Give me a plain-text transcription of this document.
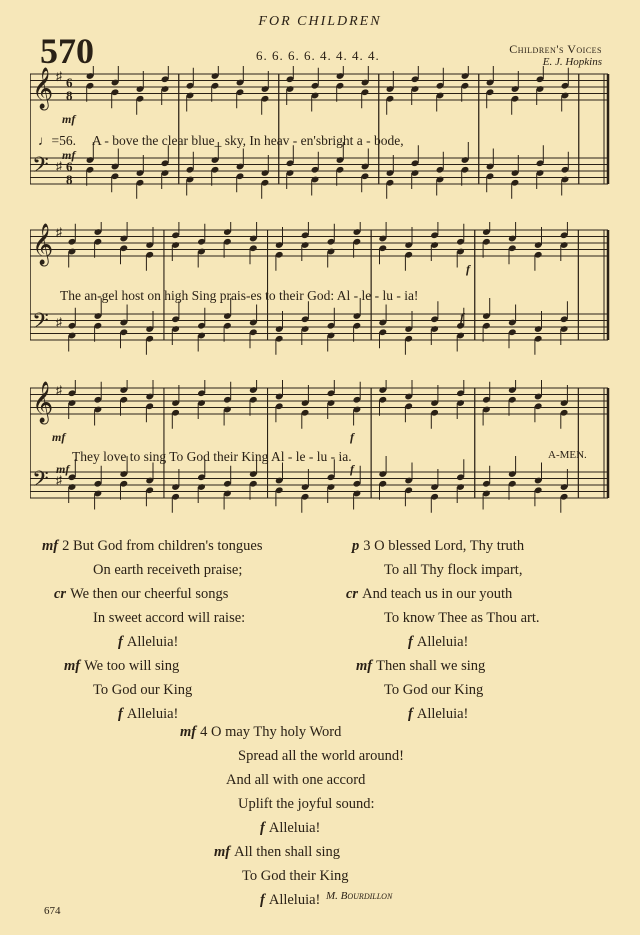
FOR CHILDREN
570	6. 6. 6. 6. 4. 4. 4. 4.	Children's Voices
E. J. Hopkins
𝄞 ♯ 6
8
𝄢 ♯ 6
8
♩=56. A - bove the clear blue_ sky, In heav - en'sbright a - bode,
mf
mf
𝄞 ♯
𝄢 ♯
The an-gel host on high Sing prais-es to their God: Al - le - lu - ia!
f
f
𝄞 ♯
𝄢 ♯
They love to sing To God their King Al - le - lu - ia.	A-MEN.
mf	f
mf	f
mf 2 But God from children's tongues
On earth receiveth praise;
cr We then our cheerful songs
In sweet accord will raise:
f Alleluia!
mf We too will sing
To God our King
f Alleluia!
p 3 O blessed Lord, Thy truth
To all Thy flock impart,
cr And teach us in our youth
To know Thee as Thou art.
f Alleluia!
mf Then shall we sing
To God our King
f Alleluia!
mf 4 O may Thy holy Word
Spread all the world around!
And all with one accord
Uplift the joyful sound:
f Alleluia!
mf All then shall sing
To God their King
f Alleluia! M. Bourdillon
674
